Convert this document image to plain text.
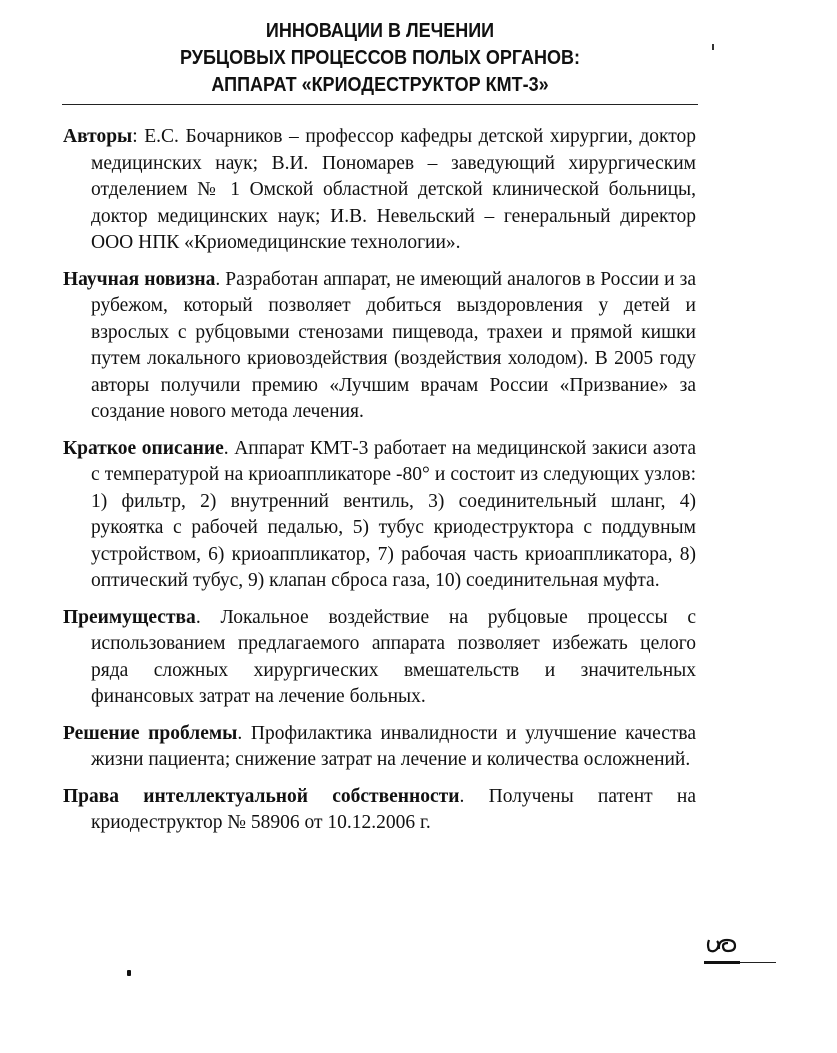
ИННОВАЦИИ В ЛЕЧЕНИИ
РУБЦОВЫХ ПРОЦЕССОВ ПОЛЫХ ОРГАНОВ:
АППАРАТ «КРИОДЕСТРУКТОР КМТ-3»

Авторы: Е.С. Бочарников – профессор кафедры детской хирургии, доктор медицинских наук; В.И. Пономарев – заведующий хирургическим отделением № 1 Омской областной детской клинической больницы, доктор медицинских наук; И.В. Невельский – генеральный директор ООО НПК «Криомедицинские технологии».

Научная новизна. Разработан аппарат, не имеющий аналогов в России и за рубежом, который позволяет добиться выздоровления у детей и взрослых с рубцовыми стенозами пищевода, трахеи и прямой кишки путем локального криовоздействия (воздействия холодом). В 2005 году авторы получили премию «Лучшим врачам России «Призвание» за создание нового метода лечения.

Краткое описание. Аппарат КМТ-3 работает на медицинской закиси азота с температурой на криоаппликаторе -80° и состоит из следующих узлов: 1) фильтр, 2) внутренний вентиль, 3) соединительный шланг, 4) рукоятка с рабочей педалью, 5) тубус криодеструктора с поддувным устройством, 6) криоаппликатор, 7) рабочая часть криоаппликатора, 8) оптический тубус, 9) клапан сброса газа, 10) соединительная муфта.

Преимущества. Локальное воздействие на рубцовые процессы с использованием предлагаемого аппарата позволяет избежать целого ряда сложных хирургических вмешательств и значительных финансовых затрат на лечение больных.

Решение проблемы. Профилактика инвалидности и улучшение качества жизни пациента; снижение затрат на лечение и количества осложнений.

Права интеллектуальной собственности. Получены патент на криодеструктор № 58906 от 10.12.2006 г.
